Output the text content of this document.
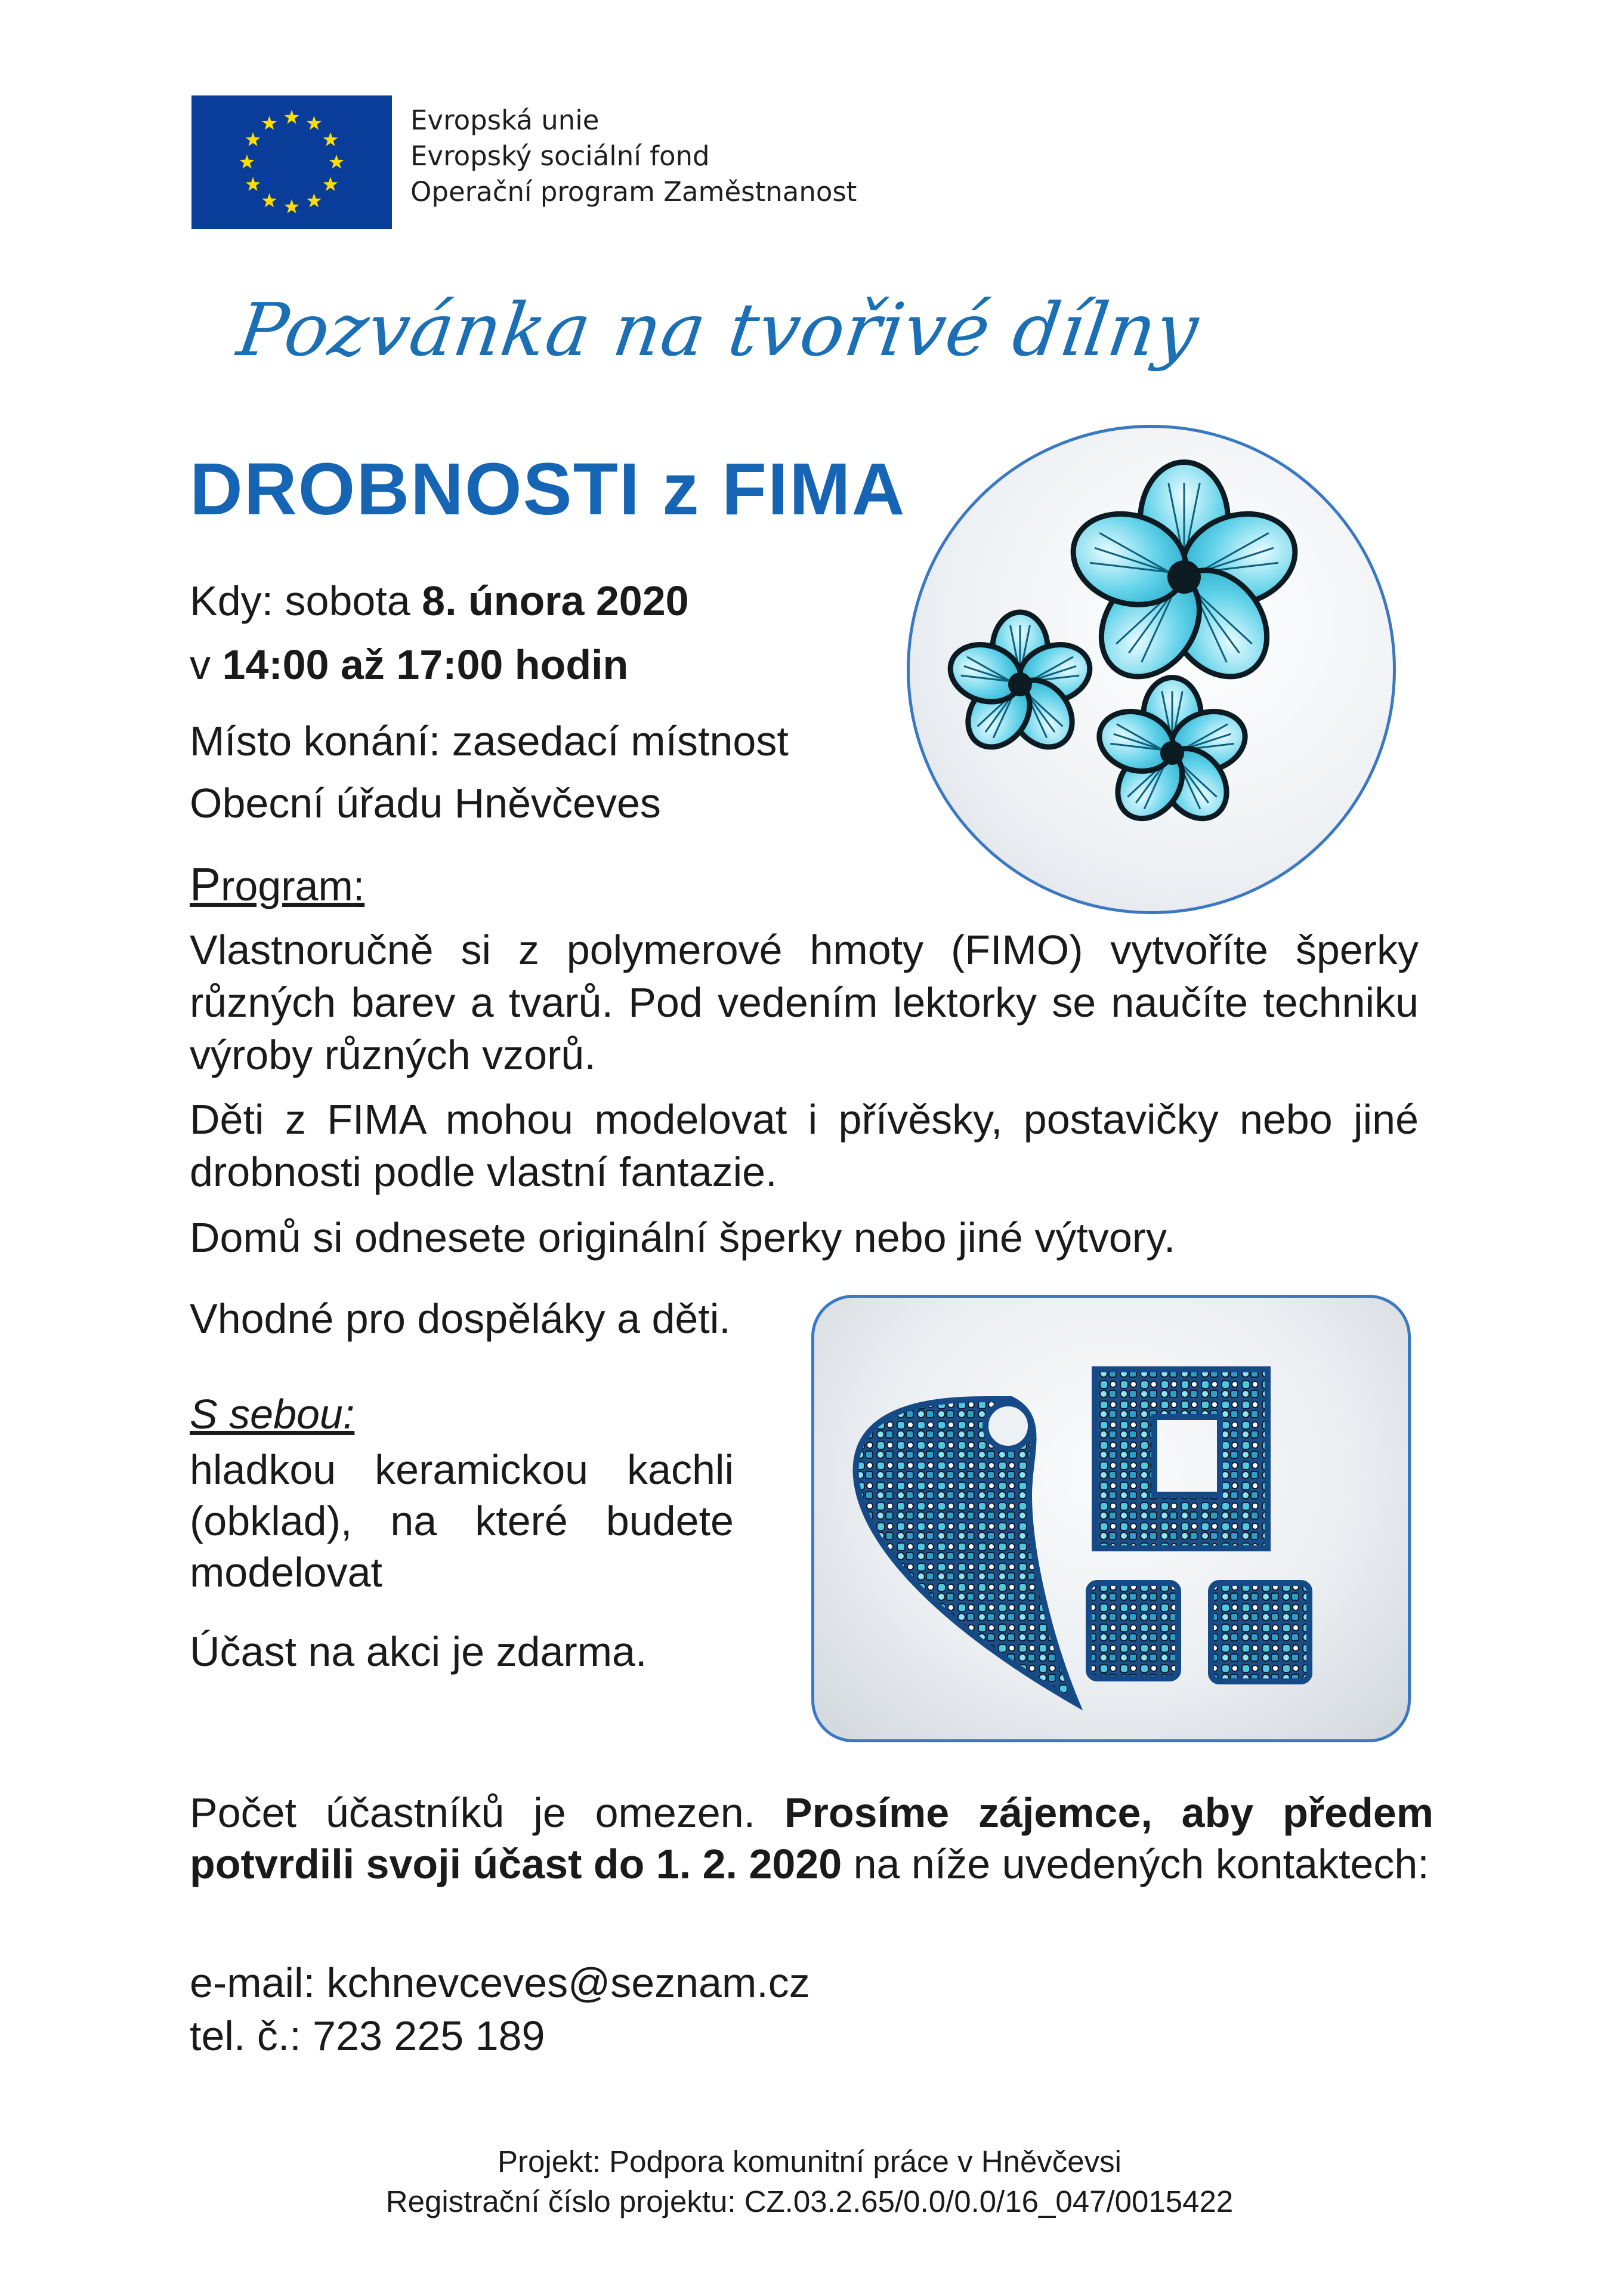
Evropská unie
Evropský sociální fond
Operační program Zaměstnanost
Pozvánka na tvořivé dílny
DROBNOSTI z FIMA
Kdy: sobota 8. února 2020
v 14:00 až 17:00 hodin
Místo konání: zasedací místnost
Obecní úřadu Hněvčeves
Program:
Vlastnoručně si z polymerové hmoty (FIMO) vytvoříte šperky různých barev a tvarů. Pod vedením lektorky se naučíte techniku výroby různých vzorů.
Děti z FIMA mohou modelovat i přívěsky, postavičky nebo jiné drobnosti podle vlastní fantazie.
Domů si odnesete originální šperky nebo jiné výtvory.
Vhodné pro dospěláky a děti.
S sebou:
hladkou keramickou kachli (obklad), na které budete modelovat
Účast na akci je zdarma.
Počet účastníků je omezen. Prosíme zájemce, aby předem potvrdili svoji účast do 1. 2. 2020 na níže uvedených kontaktech:
e-mail: kchnevceves@seznam.cz
tel. č.: 723 225 189
Projekt: Podpora komunitní práce v Hněvčevsi
Registrační číslo projektu: CZ.03.2.65/0.0/0.0/16_047/0015422
